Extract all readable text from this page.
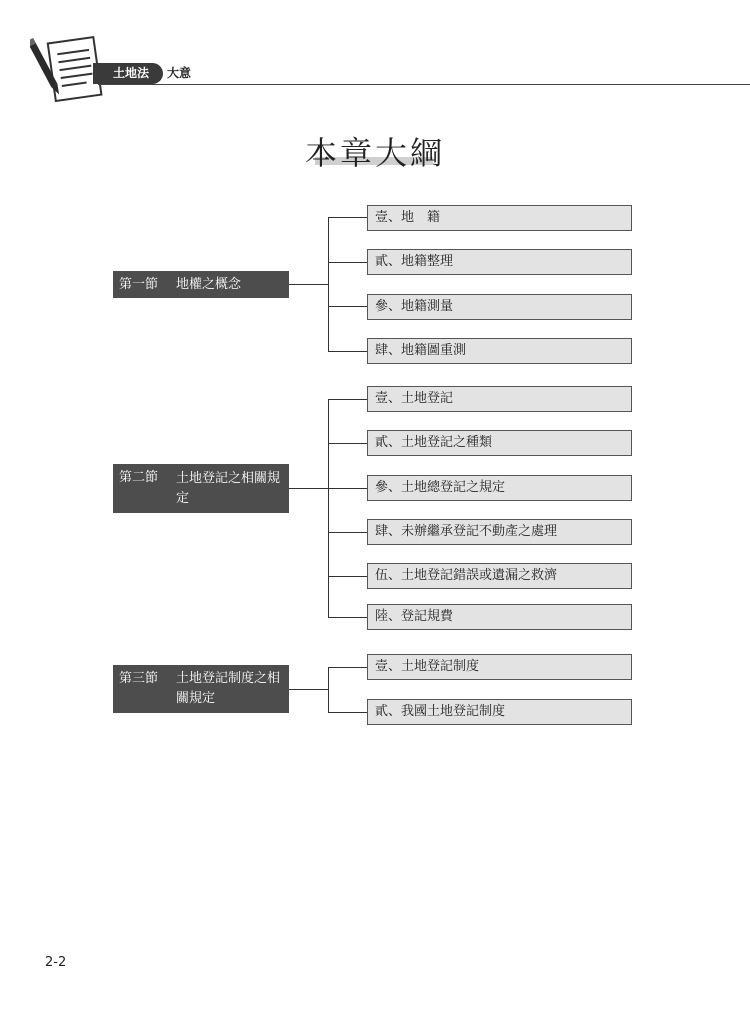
土地法	大意
本章大綱
第一節	地權之概念
壹、地　籍
貳、地籍整理
參、地籍測量
肆、地籍圖重測
第二節	土地登記之相關規定
壹、土地登記
貳、土地登記之種類
參、土地總登記之規定
肆、未辦繼承登記不動產之處理
伍、土地登記錯誤或遺漏之救濟
陸、登記規費
第三節	土地登記制度之相關規定
壹、土地登記制度
貳、我國土地登記制度
2-2
